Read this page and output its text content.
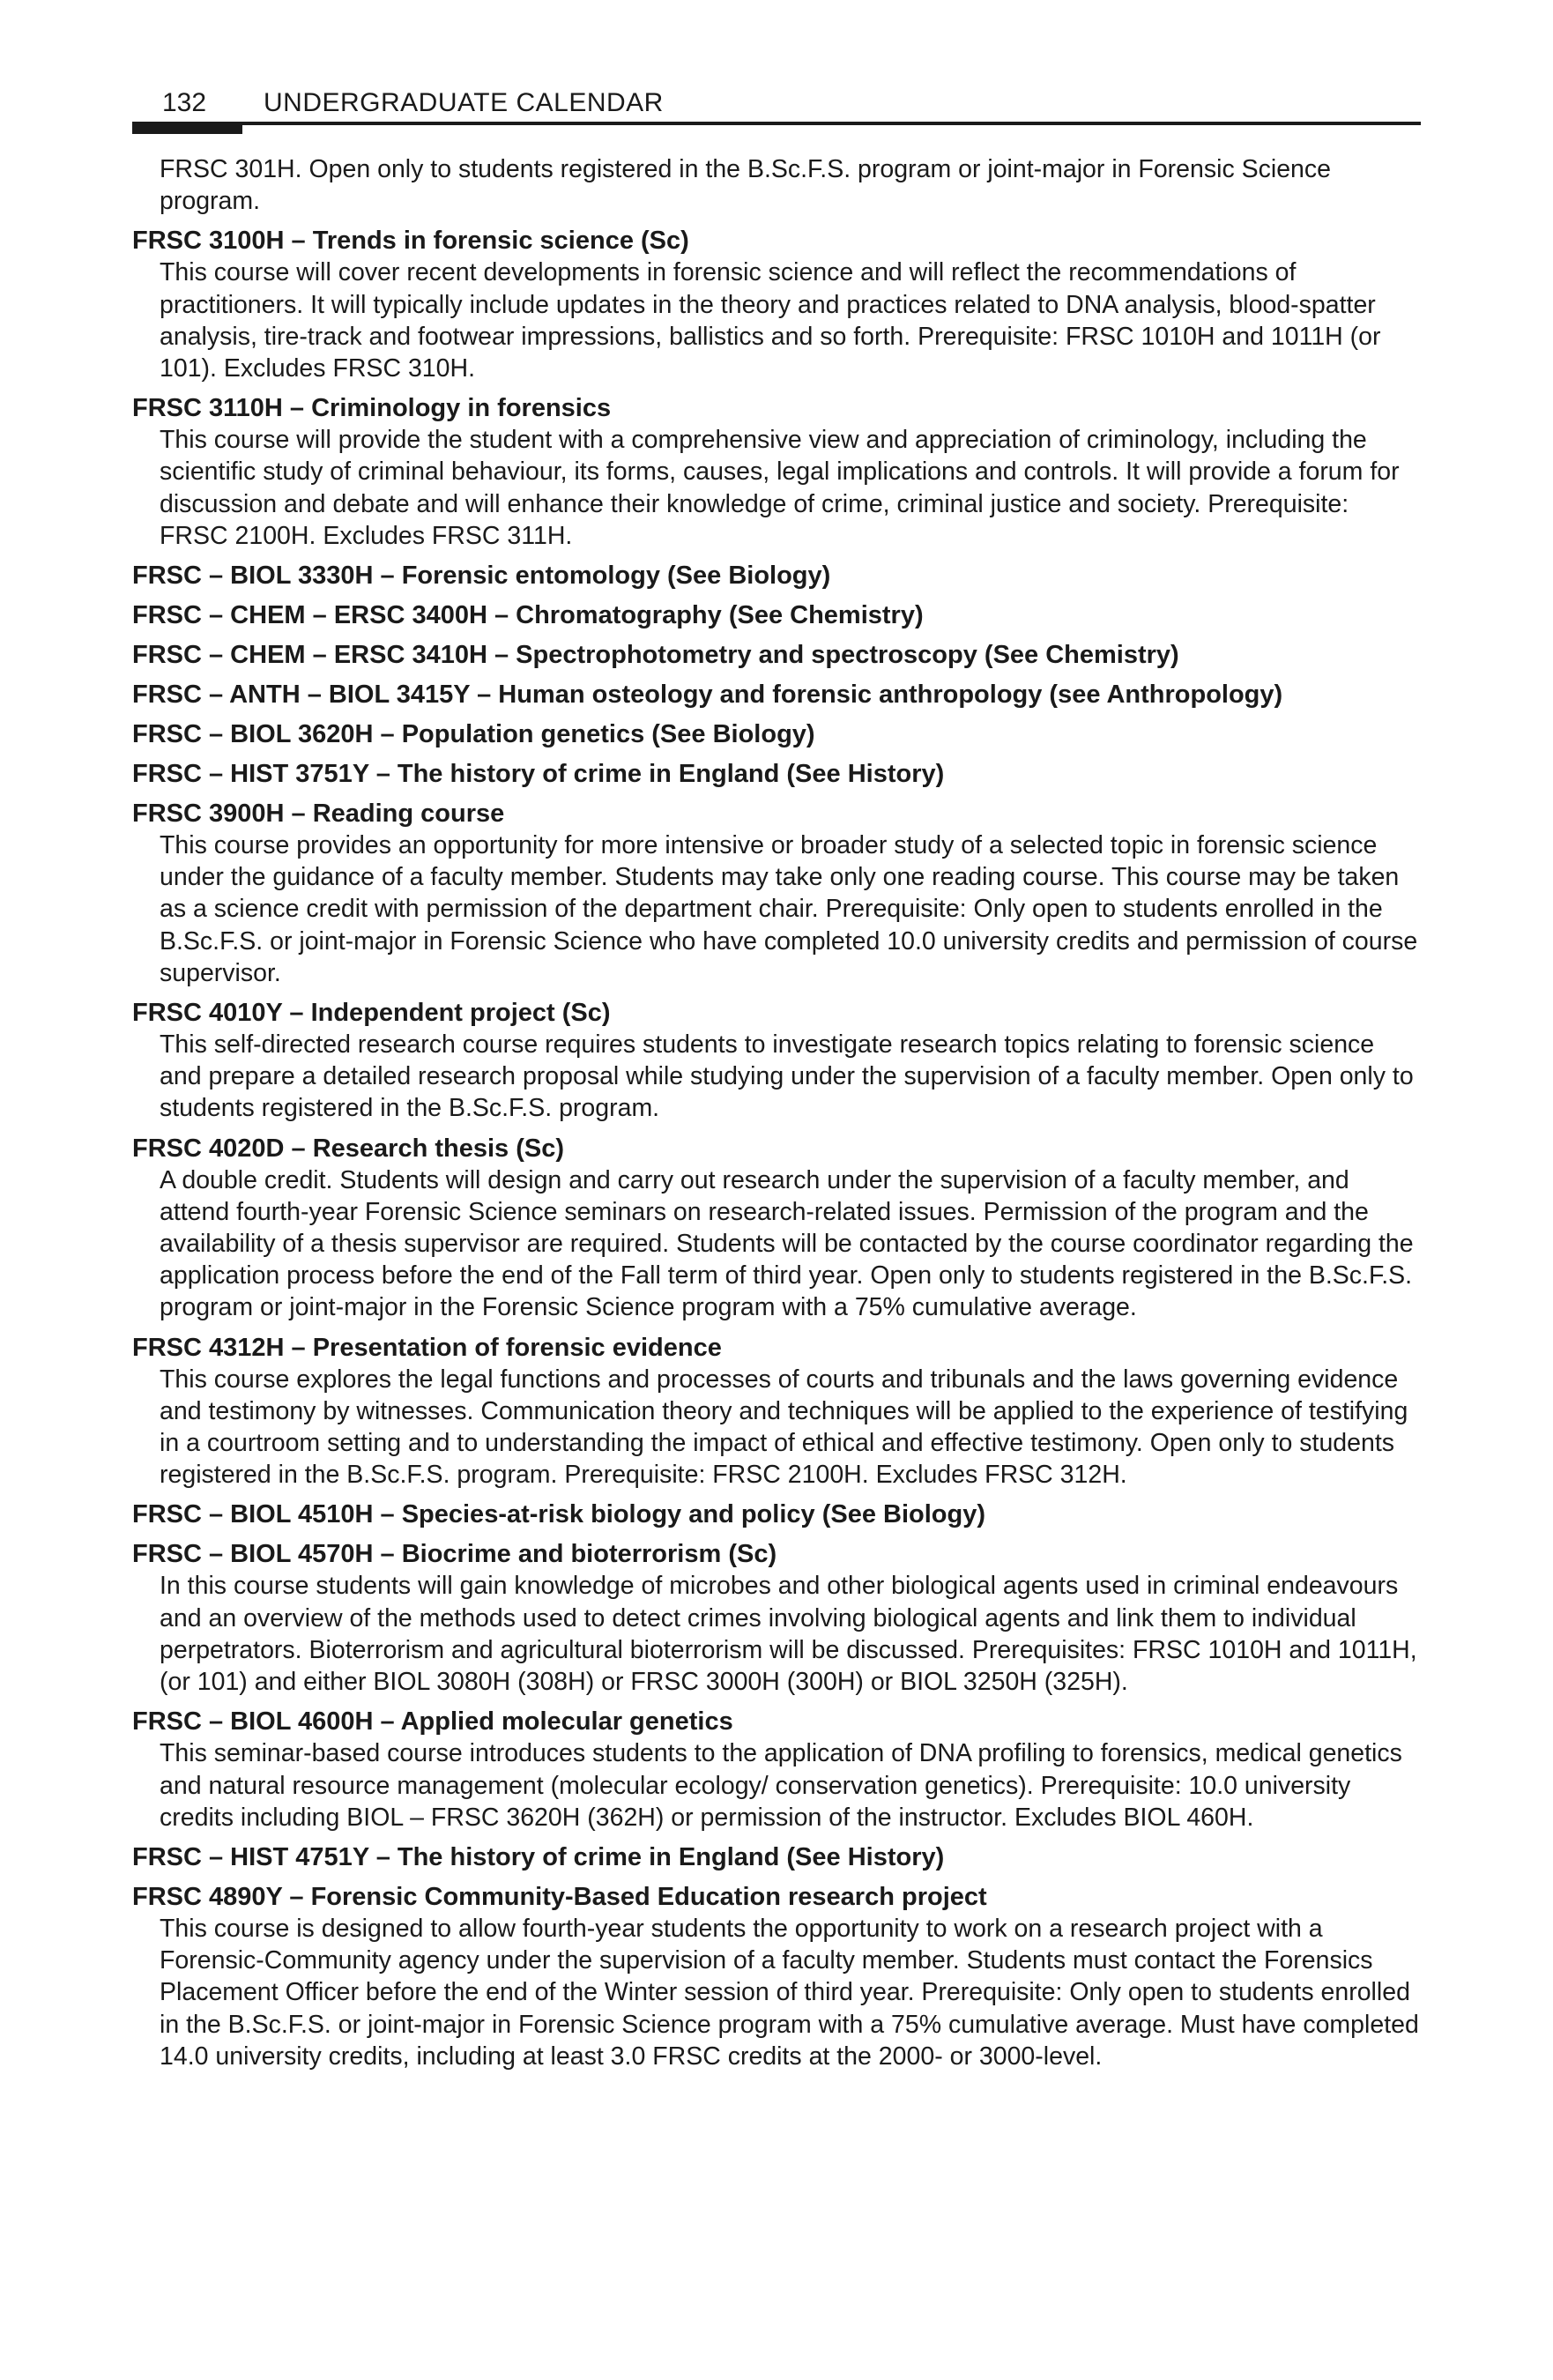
132	UNDERGRADUATE CALENDAR
FRSC 301H. Open only to students registered in the B.Sc.F.S. program or joint-major in Forensic Science program.
FRSC 3100H – Trends in forensic science (Sc)
This course will cover recent developments in forensic science and will reflect the recommendations of practitioners. It will typically include updates in the theory and practices related to DNA analysis, blood-spatter analysis, tire-track and footwear impressions, ballistics and so forth. Prerequisite: FRSC 1010H and 1011H (or 101). Excludes FRSC 310H.
FRSC 3110H – Criminology in forensics
This course will provide the student with a comprehensive view and appreciation of criminology, including the scientific study of criminal behaviour, its forms, causes, legal implications and controls. It will provide a forum for discussion and debate and will enhance their knowledge of crime, criminal justice and society. Prerequisite: FRSC 2100H. Excludes FRSC 311H.
FRSC – BIOL 3330H – Forensic entomology (See Biology)
FRSC – CHEM – ERSC 3400H – Chromatography (See Chemistry)
FRSC – CHEM – ERSC 3410H – Spectrophotometry and spectroscopy (See Chemistry)
FRSC – ANTH – BIOL 3415Y – Human osteology and forensic anthropology (see Anthropology)
FRSC – BIOL 3620H – Population genetics (See Biology)
FRSC – HIST 3751Y – The history of crime in England (See History)
FRSC 3900H – Reading course
This course provides an opportunity for more intensive or broader study of a selected topic in forensic science under the guidance of a faculty member. Students may take only one reading course. This course may be taken as a science credit with permission of the department chair. Prerequisite: Only open to students enrolled in the B.Sc.F.S. or joint-major in Forensic Science who have completed 10.0 university credits and permission of course supervisor.
FRSC 4010Y – Independent project (Sc)
This self-directed research course requires students to investigate research topics relating to forensic science and prepare a detailed research proposal while studying under the supervision of a faculty member. Open only to students registered in the B.Sc.F.S. program.
FRSC 4020D – Research thesis (Sc)
A double credit. Students will design and carry out research under the supervision of a faculty member, and attend fourth-year Forensic Science seminars on research-related issues. Permission of the program and the availability of a thesis supervisor are required. Students will be contacted by the course coordinator regarding the application process before the end of the Fall term of third year. Open only to students registered in the B.Sc.F.S. program or joint-major in the Forensic Science program with a 75% cumulative average.
FRSC 4312H – Presentation of forensic evidence
This course explores the legal functions and processes of courts and tribunals and the laws governing evidence and testimony by witnesses. Communication theory and techniques will be applied to the experience of testifying in a courtroom setting and to understanding the impact of ethical and effective testimony. Open only to students registered in the B.Sc.F.S. program. Prerequisite: FRSC 2100H. Excludes FRSC 312H.
FRSC – BIOL 4510H – Species-at-risk biology and policy (See Biology)
FRSC – BIOL 4570H – Biocrime and bioterrorism (Sc)
In this course students will gain knowledge of microbes and other biological agents used in criminal endeavours and an overview of the methods used to detect crimes involving biological agents and link them to individual perpetrators. Bioterrorism and agricultural bioterrorism will be discussed. Prerequisites: FRSC 1010H and 1011H, (or 101) and either BIOL 3080H (308H) or FRSC 3000H (300H) or BIOL 3250H (325H).
FRSC – BIOL 4600H – Applied molecular genetics
This seminar-based course introduces students to the application of DNA profiling to forensics, medical genetics and natural resource management (molecular ecology/ conservation genetics). Prerequisite: 10.0 university credits including BIOL – FRSC 3620H (362H) or permission of the instructor. Excludes BIOL 460H.
FRSC – HIST 4751Y – The history of crime in England (See History)
FRSC 4890Y – Forensic Community-Based Education research project
This course is designed to allow fourth-year students the opportunity to work on a research project with a Forensic-Community agency under the supervision of a faculty member. Students must contact the Forensics Placement Officer before the end of the Winter session of third year. Prerequisite: Only open to students enrolled in the B.Sc.F.S. or joint-major in Forensic Science program with a 75% cumulative average. Must have completed 14.0 university credits, including at least 3.0 FRSC credits at the 2000- or 3000-level.
